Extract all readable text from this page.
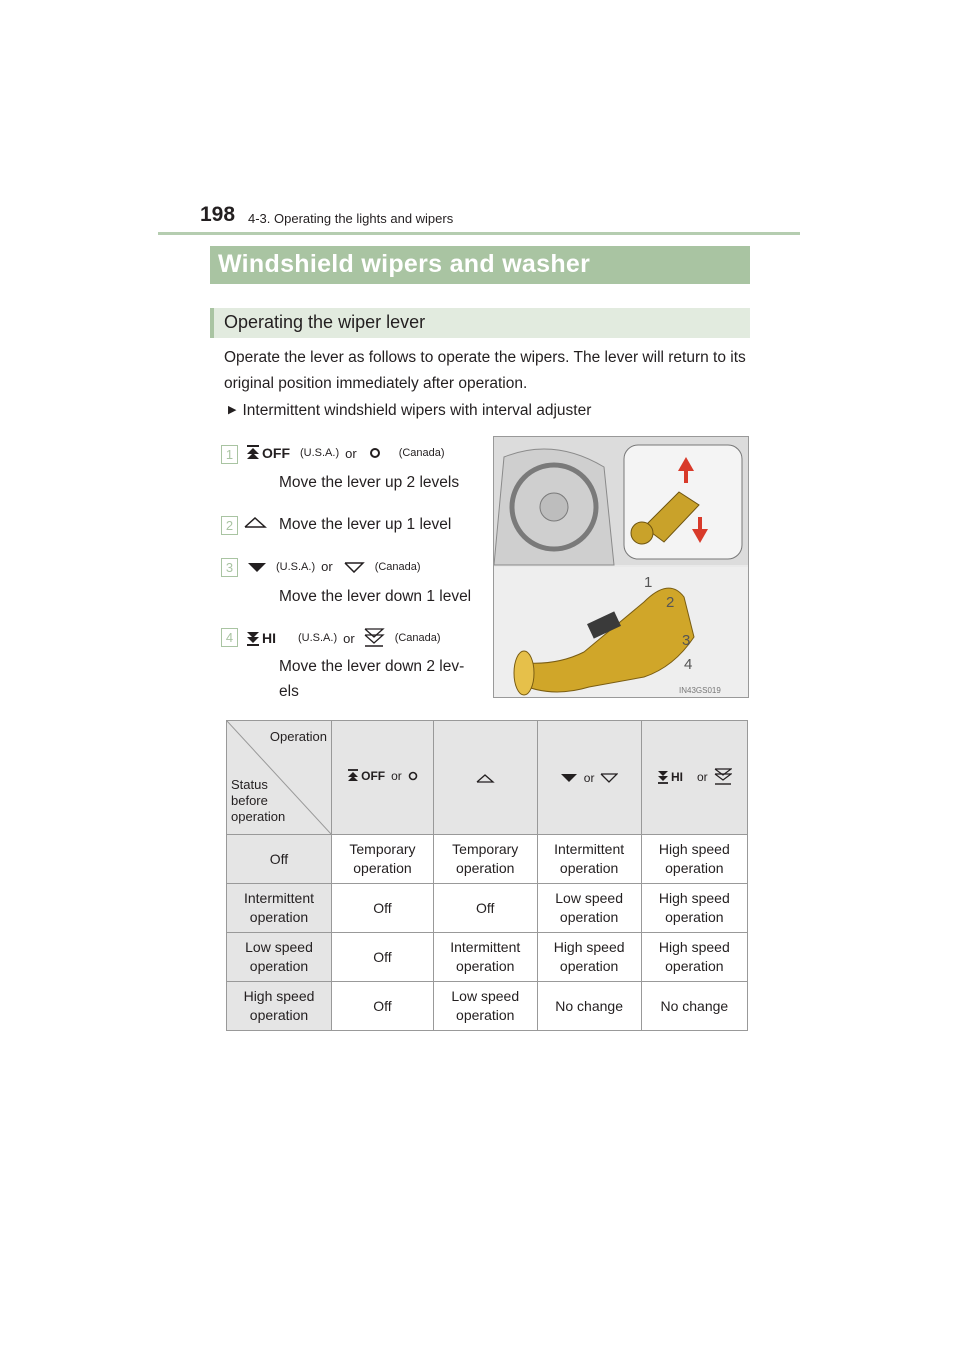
198 4-3. Operating the lights and wipers
Windshield wipers and washer
Operating the wiper lever
Operate the lever as follows to operate the wipers. The lever will return to its original position immediately after operation.
▶ Intermittent windshield wipers with interval adjuster
1	OFF (U.S.A.) or	(Canada)
Move the lever up 2 levels
2	Move the lever up 1 level
3	(U.S.A.) or	(Canada)
Move the lever down 1 level
4	HI (U.S.A.) or	(Canada)
Move the lever down 2 lev-els
1
2
3
4
IN43GS019
Operation
Status before operation	OFF or		or	HI or

Off	Temporary operation	Temporary operation	Intermittent operation	High speed operation
Intermittent operation	Off	Off	Low speed operation	High speed operation
Low speed operation	Off	Intermittent operation	High speed operation	High speed operation
High speed operation	Off	Low speed operation	No change	No change
